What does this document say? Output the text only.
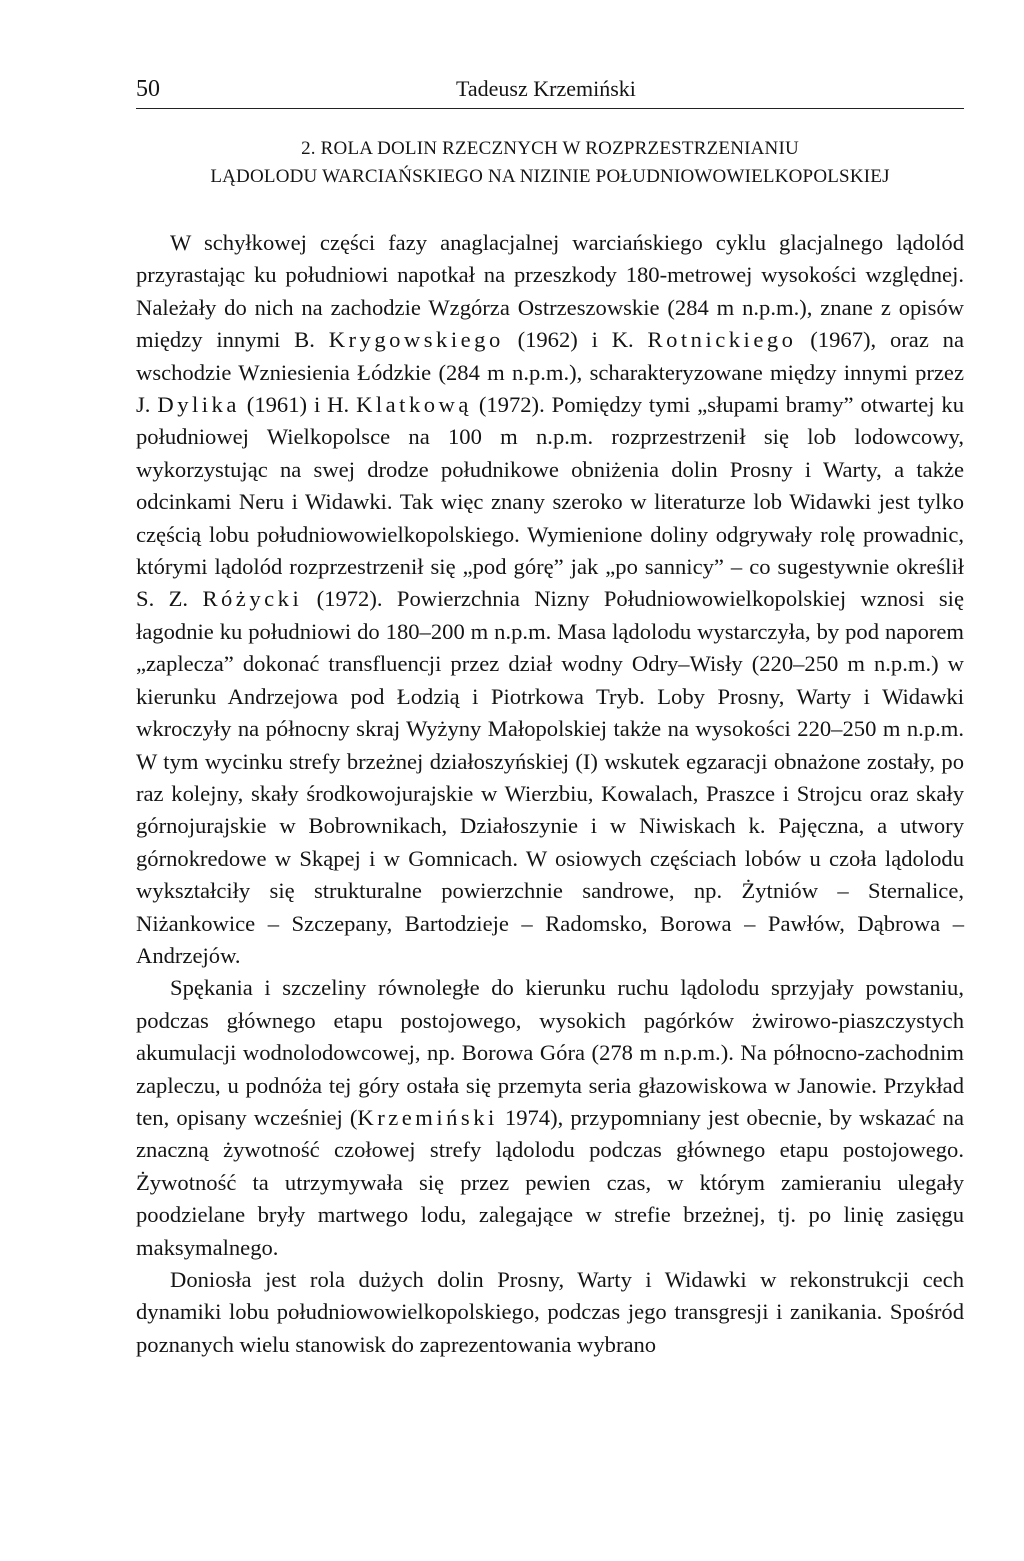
50	Tadeusz Krzemiński
2. ROLA DOLIN RZECZNYCH W ROZPRZESTRZENIANIU
LĄDOLODU WARCIAŃSKIEGO NA NIZINIE POŁUDNIOWOWIELKOPOLSKIEJ

W schyłkowej części fazy anaglacjalnej warciańskiego cyklu glacjalnego lądolód przyrastając ku południowi napotkał na przeszkody 180-metrowej wysokości względnej. Należały do nich na zachodzie Wzgórza Ostrzeszowskie (284 m n.p.m.), znane z opisów między innymi B. Krygowskiego (1962) i K. Rotnickiego (1967), oraz na wschodzie Wzniesienia Łódzkie (284 m n.p.m.), scharakteryzowane między innymi przez J. Dylika (1961) i H. Klatkową (1972). Pomiędzy tymi „słupami bramy” otwartej ku południowej Wielkopolsce na 100 m n.p.m. rozprzestrzenił się lob lodowcowy, wykorzystując na swej drodze południkowe obniżenia dolin Prosny i Warty, a także odcinkami Neru i Widawki. Tak więc znany szeroko w literaturze lob Widawki jest tylko częścią lobu południowowielkopolskiego. Wymienione doliny odgrywały rolę prowadnic, którymi lądolód rozprzestrzenił się „pod górę” jak „po sannicy” – co sugestywnie określił S. Z. Różycki (1972). Powierzchnia Nizny Południowowielkopolskiej wznosi się łagodnie ku południowi do 180–200 m n.p.m. Masa lądolodu wystarczyła, by pod naporem „zaplecza” dokonać transfluencji przez dział wodny Odry–Wisły (220–250 m n.p.m.) w kierunku Andrzejowa pod Łodzią i Piotrkowa Tryb. Loby Prosny, Warty i Widawki wkroczyły na północny skraj Wyżyny Małopolskiej także na wysokości 220–250 m n.p.m. W tym wycinku strefy brzeżnej działoszyńskiej (I) wskutek egzaracji obnażone zostały, po raz kolejny, skały środkowojurajskie w Wierzbiu, Kowalach, Praszce i Strojcu oraz skały górnojurajskie w Bobrownikach, Działoszynie i w Niwiskach k. Pajęczna, a utwory górnokredowe w Skąpej i w Gomnicach. W osiowych częściach lobów u czoła lądolodu wykształciły się strukturalne powierzchnie sandrowe, np. Żytniów – Sternalice, Niżankowice – Szczepany, Bartodzieje – Radomsko, Borowa – Pawłów, Dąbrowa – Andrzejów.

Spękania i szczeliny równoległe do kierunku ruchu lądolodu sprzyjały powstaniu, podczas głównego etapu postojowego, wysokich pagórków żwirowo-piaszczystych akumulacji wodnolodowcowej, np. Borowa Góra (278 m n.p.m.). Na północno-zachodnim zapleczu, u podnóża tej góry ostała się przemyta seria głazowiskowa w Janowie. Przykład ten, opisany wcześniej (Krzemiński 1974), przypomniany jest obecnie, by wskazać na znaczną żywotność czołowej strefy lądolodu podczas głównego etapu postojowego. Żywotność ta utrzymywała się przez pewien czas, w którym zamieraniu ulegały poodzielane bryły martwego lodu, zalegające w strefie brzeżnej, tj. po linię zasięgu maksymalnego.

Doniosła jest rola dużych dolin Prosny, Warty i Widawki w rekonstrukcji cech dynamiki lobu południowowielkopolskiego, podczas jego transgresji i zanikania. Spośród poznanych wielu stanowisk do zaprezentowania wybrano
